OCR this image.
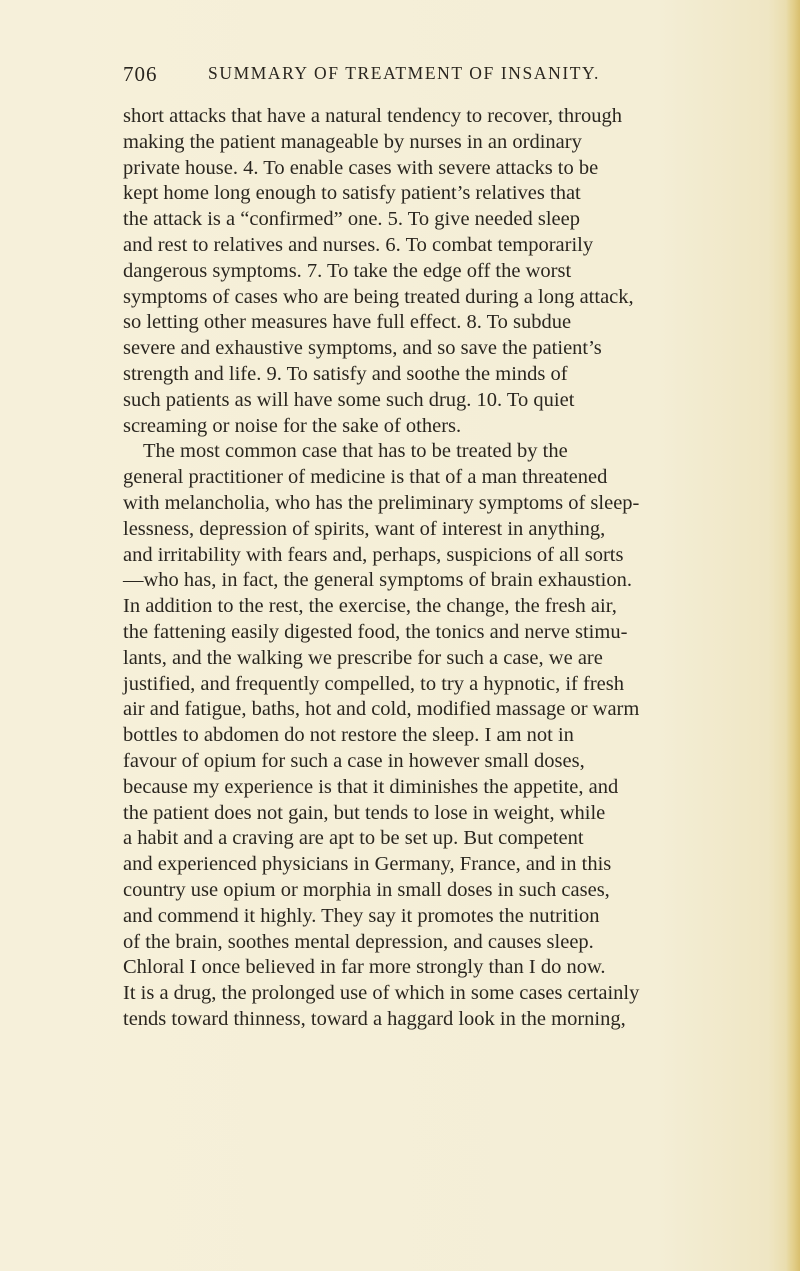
706	SUMMARY OF TREATMENT OF INSANITY.
short attacks that have a natural tendency to recover, through
making the patient manageable by nurses in an ordinary
private house. 4. To enable cases with severe attacks to be
kept home long enough to satisfy patient’s relatives that
the attack is a “confirmed” one. 5. To give needed sleep
and rest to relatives and nurses. 6. To combat temporarily
dangerous symptoms. 7. To take the edge off the worst
symptoms of cases who are being treated during a long attack,
so letting other measures have full effect. 8. To subdue
severe and exhaustive symptoms, and so save the patient’s
strength and life. 9. To satisfy and soothe the minds of
such patients as will have some such drug. 10. To quiet
screaming or noise for the sake of others.
The most common case that has to be treated by the
general practitioner of medicine is that of a man threatened
with melancholia, who has the preliminary symptoms of sleep-
lessness, depression of spirits, want of interest in anything,
and irritability with fears and, perhaps, suspicions of all sorts
—who has, in fact, the general symptoms of brain exhaustion.
In addition to the rest, the exercise, the change, the fresh air,
the fattening easily digested food, the tonics and nerve stimu-
lants, and the walking we prescribe for such a case, we are
justified, and frequently compelled, to try a hypnotic, if fresh
air and fatigue, baths, hot and cold, modified massage or warm
bottles to abdomen do not restore the sleep. I am not in
favour of opium for such a case in however small doses,
because my experience is that it diminishes the appetite, and
the patient does not gain, but tends to lose in weight, while
a habit and a craving are apt to be set up. But competent
and experienced physicians in Germany, France, and in this
country use opium or morphia in small doses in such cases,
and commend it highly. They say it promotes the nutrition
of the brain, soothes mental depression, and causes sleep.
Chloral I once believed in far more strongly than I do now.
It is a drug, the prolonged use of which in some cases certainly
tends toward thinness, toward a haggard look in the morning,
